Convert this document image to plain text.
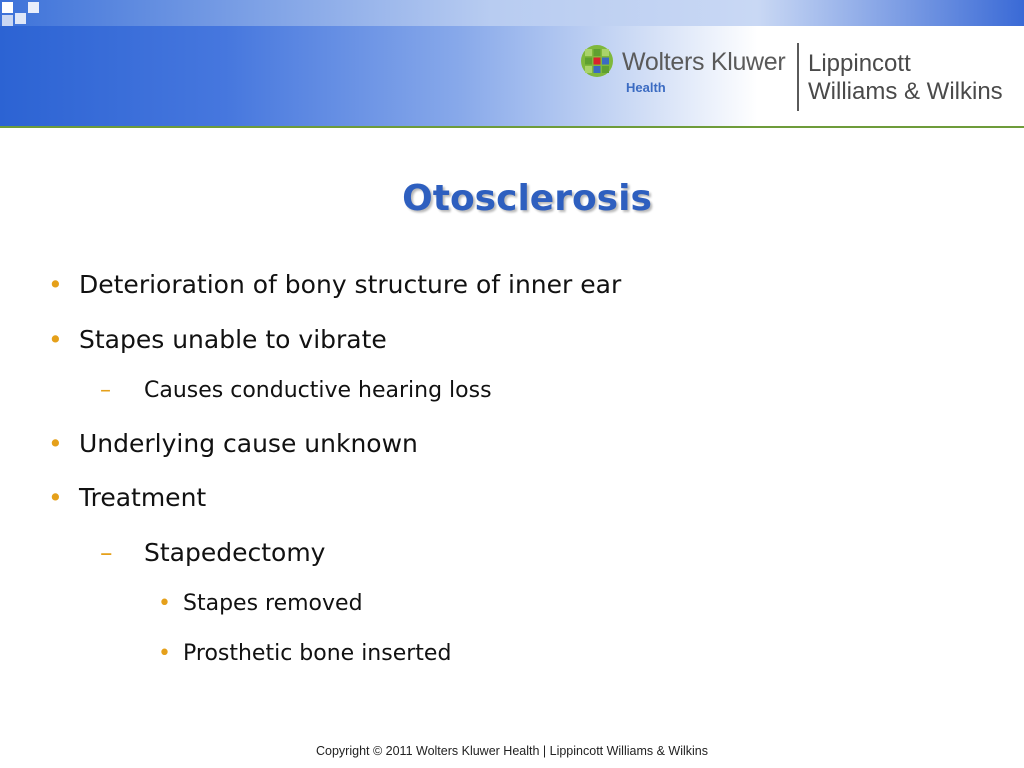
Wolters Kluwer
Health
Lippincott
Williams & Wilkins
Otosclerosis
• Deterioration of bony structure of inner ear
• Stapes unable to vibrate
– Causes conductive hearing loss
• Underlying cause unknown
• Treatment
– Stapedectomy
• Stapes removed
• Prosthetic bone inserted
Copyright © 2011 Wolters Kluwer Health | Lippincott Williams & Wilkins
